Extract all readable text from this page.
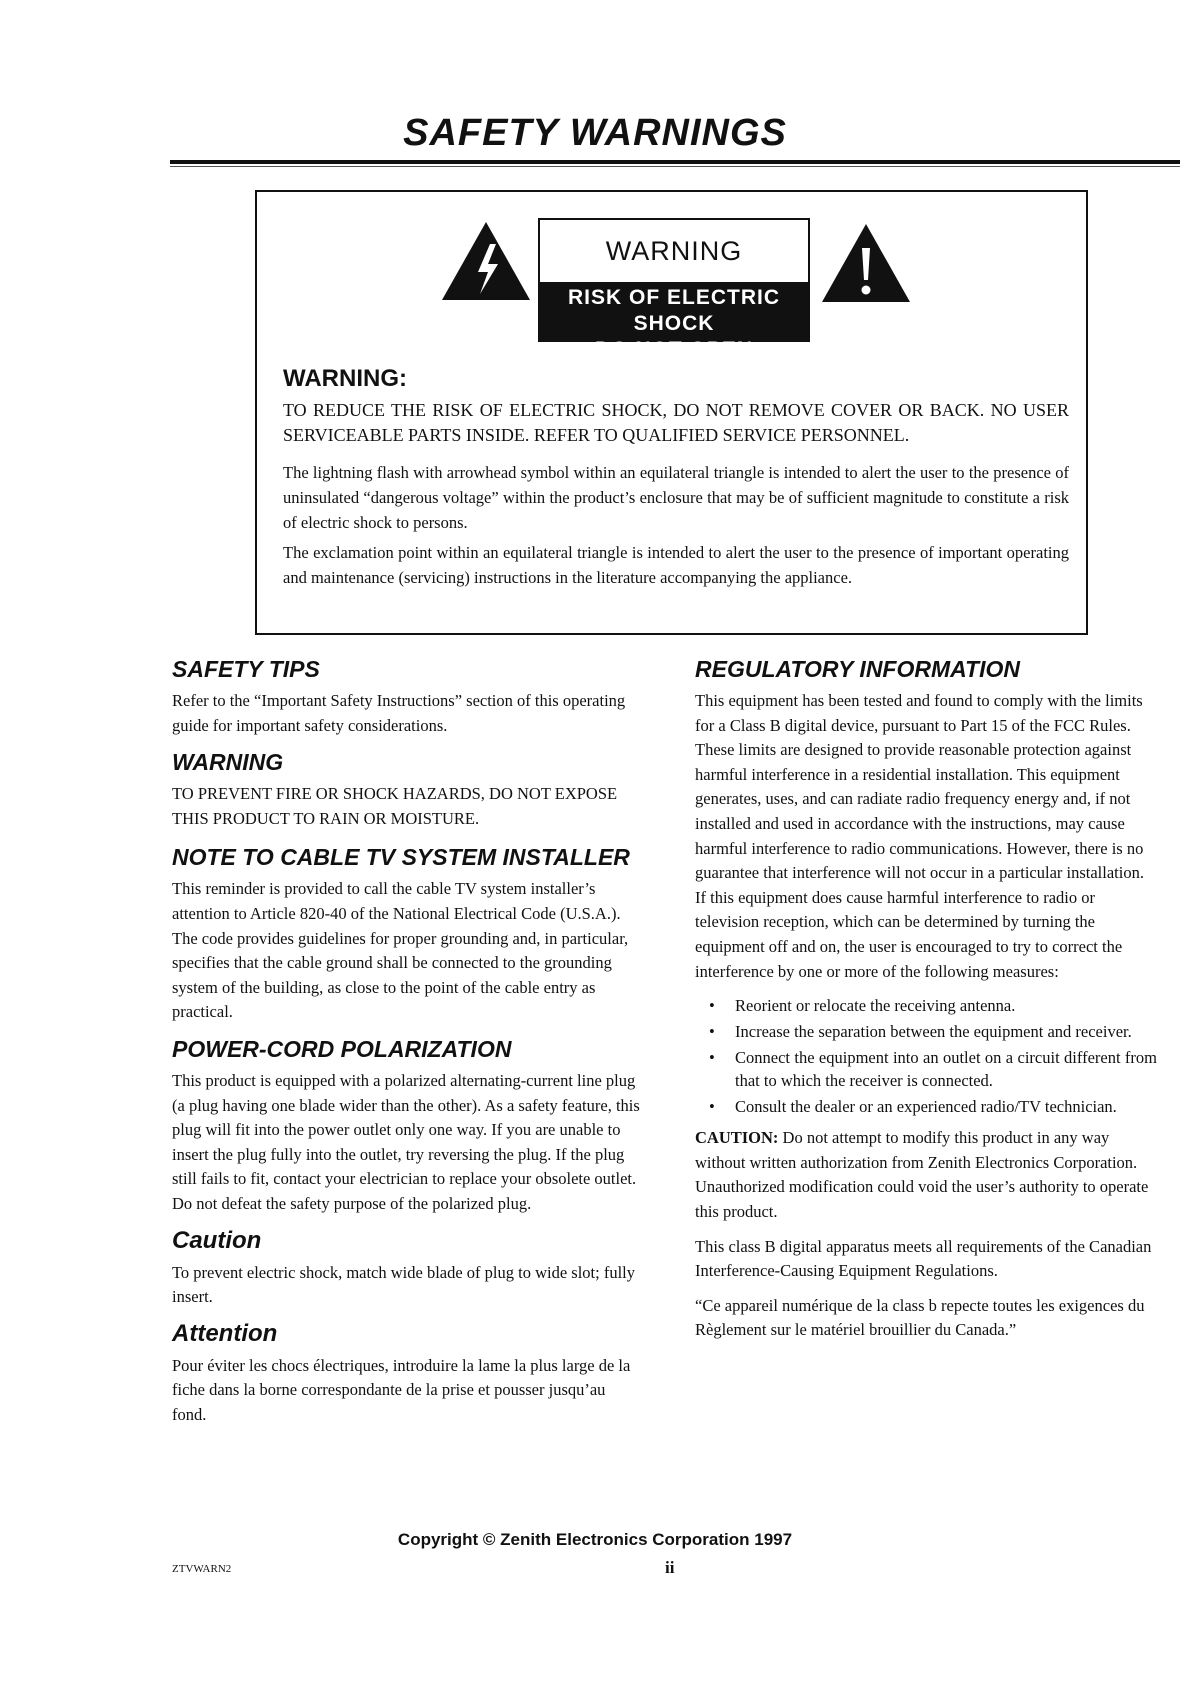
SAFETY WARNINGS
WARNING
RISK OF ELECTRIC SHOCK
DO NOT OPEN
WARNING:

TO REDUCE THE RISK OF ELECTRIC SHOCK, DO NOT REMOVE COVER OR BACK. NO USER SERVICEABLE PARTS INSIDE. REFER TO QUALIFIED SERVICE PERSONNEL.

The lightning flash with arrowhead symbol within an equilateral triangle is intended to alert the user to the presence of uninsulated “dangerous voltage” within the product’s enclosure that may be of sufficient magnitude to constitute a risk of electric shock to persons.

The exclamation point within an equilateral triangle is intended to alert the user to the presence of important operating and maintenance (servicing) instructions in the literature accompanying the appliance.

SAFETY TIPS

Refer to the “Important Safety Instructions” section of this operating guide for important safety considerations.

WARNING

TO PREVENT FIRE OR SHOCK HAZARDS, DO NOT EXPOSE THIS PRODUCT TO RAIN OR MOISTURE.

NOTE TO CABLE TV SYSTEM INSTALLER

This reminder is provided to call the cable TV system installer’s attention to Article 820-40 of the National Electrical Code (U.S.A.). The code provides guidelines for proper grounding and, in particular, specifies that the cable ground shall be connected to the grounding system of the building, as close to the point of the cable entry as practical.

POWER-CORD POLARIZATION

This product is equipped with a polarized alternating-current line plug (a plug having one blade wider than the other). As a safety feature, this plug will fit into the power outlet only one way. If you are unable to insert the plug fully into the outlet, try reversing the plug. If the plug still fails to fit, contact your electrician to replace your obsolete outlet. Do not defeat the safety purpose of the polarized plug.

Caution

To prevent electric shock, match wide blade of plug to wide slot; fully insert.

Attention

Pour éviter les chocs électriques, introduire la lame la plus large de la fiche dans la borne correspondante de la prise et pousser jusqu’au fond.

REGULATORY INFORMATION

This equipment has been tested and found to comply with the limits for a Class B digital device, pursuant to Part 15 of the FCC Rules. These limits are designed to provide reasonable protection against harmful interference in a residential installation. This equipment generates, uses, and can radiate radio frequency energy and, if not installed and used in accordance with the instructions, may cause harmful interference to radio communications. However, there is no guarantee that interference will not occur in a particular installation. If this equipment does cause harmful interference to radio or television reception, which can be determined by turning the equipment off and on, the user is encouraged to try to correct the interference by one or more of the following measures:

• Reorient or relocate the receiving antenna.
• Increase the separation between the equipment and receiver.
• Connect the equipment into an outlet on a circuit different from that to which the receiver is connected.
• Consult the dealer or an experienced radio/TV technician.

CAUTION: Do not attempt to modify this product in any way without written authorization from Zenith Electronics Corporation. Unauthorized modification could void the user’s authority to operate this product.

This class B digital apparatus meets all requirements of the Canadian Interference-Causing Equipment Regulations.

“Ce appareil numérique de la class b repecte toutes les exigences du Règlement sur le matériel brouillier du Canada.”

Copyright © Zenith Electronics Corporation 1997
ZTVWARN2	ii
